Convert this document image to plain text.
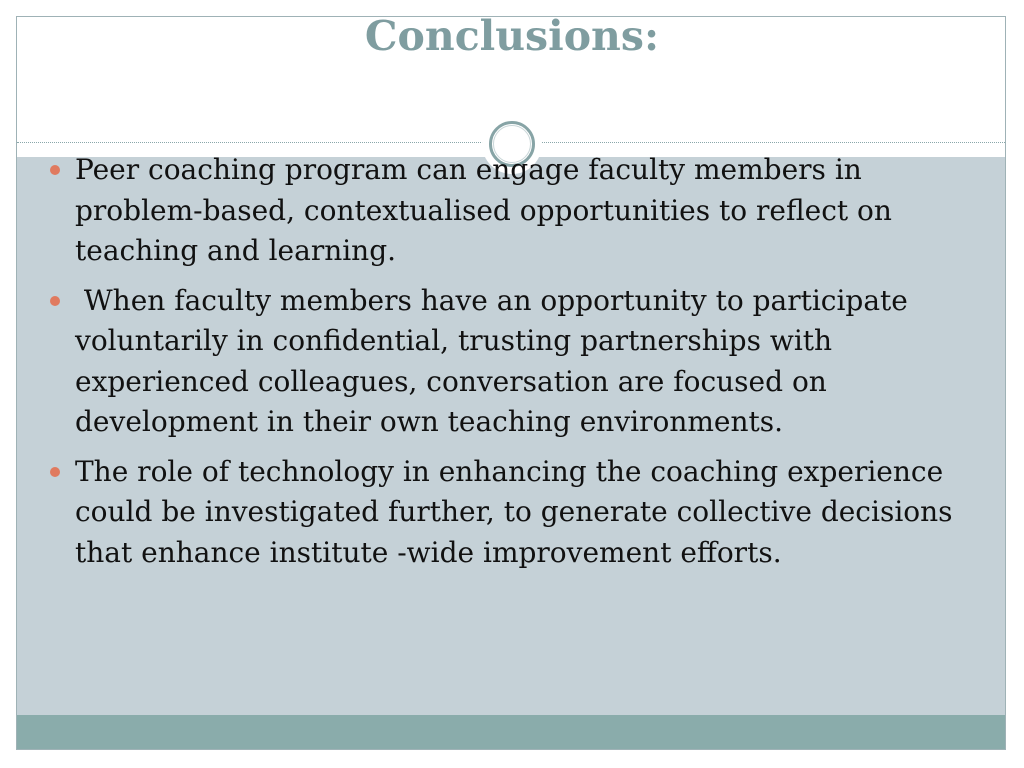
Conclusions:
Peer coaching program can engage faculty members in problem-based, contextualised opportunities to reflect on teaching and learning.
When faculty members have an opportunity to participate voluntarily in confidential, trusting partnerships with experienced colleagues, conversation are focused on development in their own teaching environments.
The role of technology in enhancing the coaching experience could be investigated further, to generate collective decisions that enhance institute -wide improvement efforts.
